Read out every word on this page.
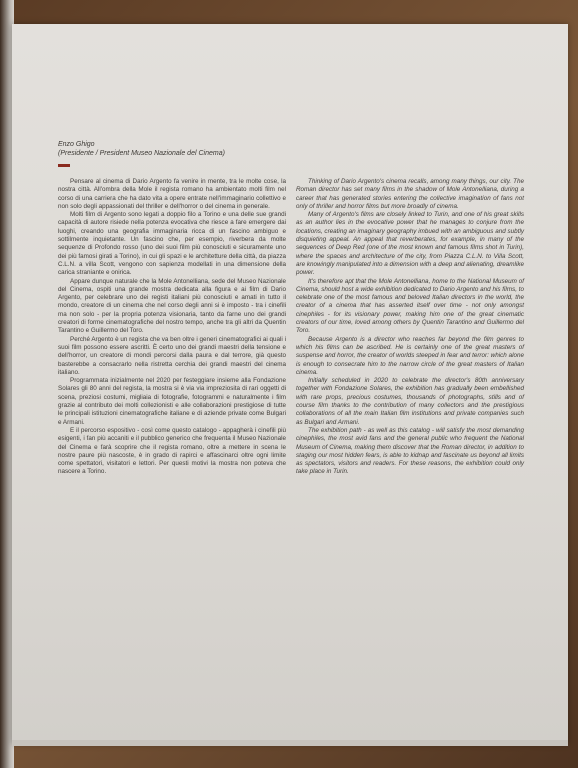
Enzo Ghigo
(Presidente / President Museo Nazionale del Cinema)

Pensare al cinema di Dario Argento fa venire in mente, tra le molte cose, la nostra città. All'ombra della Mole il regista romano ha ambientato molti film nel corso di una carriera che ha dato vita a opere entrate nell'immaginario collettivo e non solo degli appassionati del thriller e dell'horror o del cinema in generale.

Molti film di Argento sono legati a doppio filo a Torino e una delle sue grandi capacità di autore risiede nella potenza evocativa che riesce a fare emergere dai luoghi, creando una geografia immaginaria ricca di un fascino ambiguo e sottilmente inquietante. Un fascino che, per esempio, riverbera da molte sequenze di Profondo rosso (uno dei suoi film più conosciuti e sicuramente uno dei più famosi girati a Torino), in cui gli spazi e le architetture della città, da piazza C.L.N. a villa Scott, vengono con sapienza modellati in una dimensione della carica straniante e onirica.

Appare dunque naturale che la Mole Antonelliana, sede del Museo Nazionale del Cinema, ospiti una grande mostra dedicata alla figura e ai film di Dario Argento, per celebrare uno dei registi italiani più conosciuti e amati in tutto il mondo, creatore di un cinema che nel corso degli anni si è imposto - tra i cinefili ma non solo - per la propria potenza visionaria, tanto da farne uno dei grandi creatori di forme cinematografiche del nostro tempo, anche tra gli altri da Quentin Tarantino e Guillermo del Toro.

Perché Argento è un regista che va ben oltre i generi cinematografici ai quali i suoi film possono essere ascritti. È certo uno dei grandi maestri della tensione e dell'horror, un creatore di mondi percorsi dalla paura e dal terrore, già questo basterebbe a consacrarlo nella ristretta cerchia dei grandi maestri del cinema italiano.

Programmata inizialmente nel 2020 per festeggiare insieme alla Fondazione Solares gli 80 anni del regista, la mostra si è via via impreziosita di rari oggetti di scena, preziosi costumi, migliaia di fotografie, fotogrammi e naturalmente i film grazie al contributo dei molti collezionisti e alle collaborazioni prestigiose di tutte le principali istituzioni cinematografiche italiane e di aziende private come Bulgari e Armani.

E il percorso espositivo - così come questo catalogo - appagherà i cinefili più esigenti, i fan più accaniti e il pubblico generico che frequenta il Museo Nazionale del Cinema e farà scoprire che il regista romano, oltre a mettere in scena le nostre paure più nascoste, è in grado di rapirci e affascinarci oltre ogni limite come spettatori, visitatori e lettori. Per questi motivi la mostra non poteva che nascere a Torino.

Thinking of Dario Argento's cinema recalls, among many things, our city. The Roman director has set many films in the shadow of Mole Antonelliana, during a career that has generated stories entering the collective imagination of fans not only of thriller and horror films but more broadly of cinema.

Many of Argento's films are closely linked to Turin, and one of his great skills as an author lies in the evocative power that he manages to conjure from the locations, creating an imaginary geography imbued with an ambiguous and subtly disquieting appeal. An appeal that reverberates, for example, in many of the sequences of Deep Red (one of the most known and famous films shot in Turin), where the spaces and architecture of the city, from Piazza C.L.N. to Villa Scott, are knowingly manipulated into a dimension with a deep and alienating, dreamlike power.

It's therefore apt that the Mole Antonelliana, home to the National Museum of Cinema, should host a wide exhibition dedicated to Dario Argento and his films, to celebrate one of the most famous and beloved Italian directors in the world, the creator of a cinema that has asserted itself over time - not only amongst cinephiles - for its visionary power, making him one of the great cinematic creators of our time, loved among others by Quentin Tarantino and Guillermo del Toro.

Because Argento is a director who reaches far beyond the film genres to which his films can be ascribed. He is certainly one of the great masters of suspense and horror, the creator of worlds steeped in fear and terror: which alone is enough to consecrate him to the narrow circle of the great masters of Italian cinema.

Initially scheduled in 2020 to celebrate the director's 80th anniversary together with Fondazione Solares, the exhibition has gradually been embellished with rare props, precious costumes, thousands of photographs, stills and of course film thanks to the contribution of many collectors and the prestigious collaborations of all the main Italian film institutions and private companies such as Bulgari and Armani.

The exhibition path - as well as this catalog - will satisfy the most demanding cinephiles, the most avid fans and the general public who frequent the National Museum of Cinema, making them discover that the Roman director, in addition to staging our most hidden fears, is able to kidnap and fascinate us beyond all limits as spectators, visitors and readers. For these reasons, the exhibition could only take place in Turin.
